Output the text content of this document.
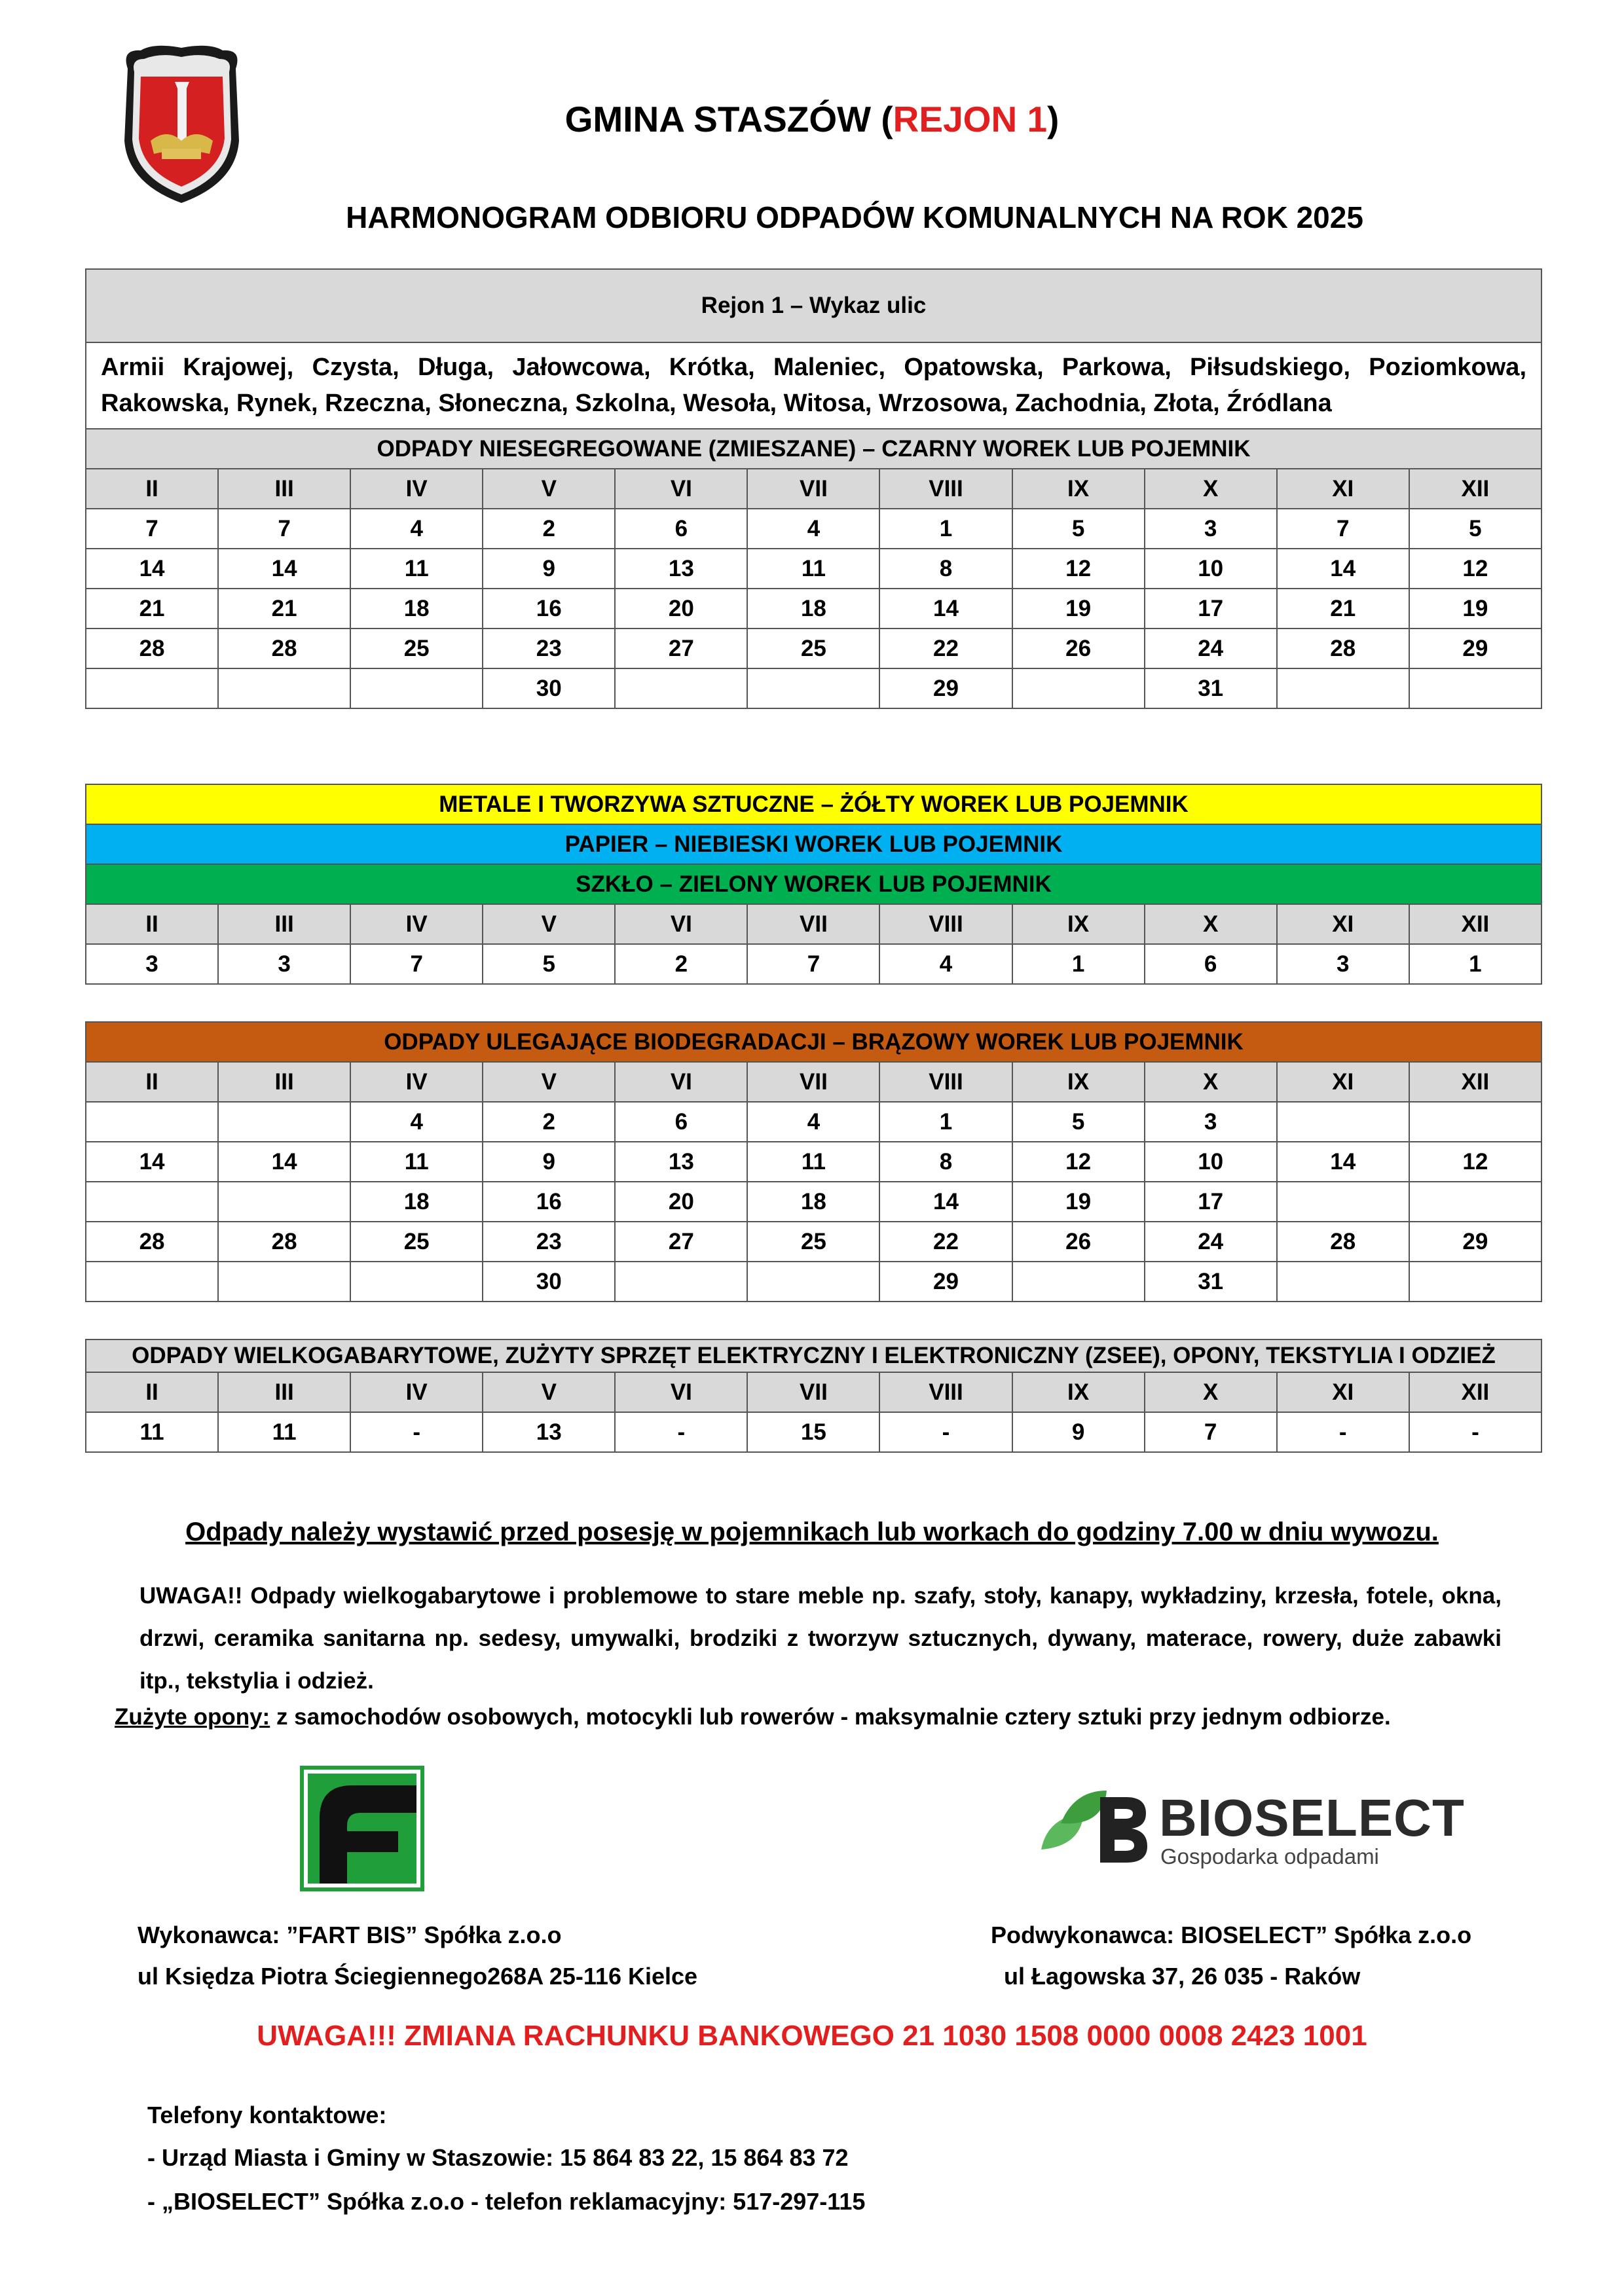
GMINA STASZÓW (REJON 1)
HARMONOGRAM ODBIORU ODPADÓW KOMUNALNYCH NA ROK 2025
Rejon 1 – Wykaz ulic										
Armii Krajowej, Czysta, Długa, Jałowcowa, Krótka, Maleniec, Opatowska, Parkowa, Piłsudskiego, Poziomkowa, Rakowska, Rynek, Rzeczna, Słoneczna, Szkolna, Wesoła, Witosa, Wrzosowa, Zachodnia, Złota, Źródlana										
ODPADY NIESEGREGOWANE (ZMIESZANE) – CZARNY WOREK LUB POJEMNIK										
II	III	IV	V	VI	VII	VIII	IX	X	XI	XII
7	7	4	2	6	4	1	5	3	7	5
14	14	11	9	13	11	8	12	10	14	12
21	21	18	16	20	18	14	19	17	21	19
28	28	25	23	27	25	22	26	24	28	29
			30			29		31		
METALE I TWORZYWA SZTUCZNE – ŻÓŁTY WOREK LUB POJEMNIK										
PAPIER – NIEBIESKI WOREK LUB POJEMNIK										
SZKŁO – ZIELONY WOREK LUB POJEMNIK										
II	III	IV	V	VI	VII	VIII	IX	X	XI	XII
3	3	7	5	2	7	4	1	6	3	1
ODPADY ULEGAJĄCE BIODEGRADACJI – BRĄZOWY WOREK LUB POJEMNIK										
II	III	IV	V	VI	VII	VIII	IX	X	XI	XII
		4	2	6	4	1	5	3		
14	14	11	9	13	11	8	12	10	14	12
		18	16	20	18	14	19	17		
28	28	25	23	27	25	22	26	24	28	29
			30			29		31		
ODPADY WIELKOGABARYTOWE, ZUŻYTY SPRZĘT ELEKTRYCZNY I ELEKTRONICZNY (ZSEE), OPONY, TEKSTYLIA I ODZIEŻ										
II	III	IV	V	VI	VII	VIII	IX	X	XI	XII
11	11	-	13	-	15	-	9	7	-	-
Odpady należy wystawić przed posesję w pojemnikach lub workach do godziny 7.00 w dniu wywozu.
UWAGA!! Odpady wielkogabarytowe i problemowe to stare meble np. szafy, stoły, kanapy, wykładziny, krzesła, fotele, okna, drzwi, ceramika sanitarna np. sedesy, umywalki, brodziki z tworzyw sztucznych, dywany, materace, rowery, duże zabawki itp., tekstylia i odzież.
Zużyte opony: z samochodów osobowych, motocykli lub rowerów - maksymalnie cztery sztuki przy jednym odbiorze.
BIOSELECT
Gospodarka odpadami
Wykonawca: ”FART BIS” Spółka z.o.o
ul Księdza Piotra Ściegiennego268A 25-116 Kielce
Podwykonawca: BIOSELECT” Spółka z.o.o
ul Łagowska 37, 26 035 - Raków
UWAGA!!! ZMIANA RACHUNKU BANKOWEGO 21 1030 1508 0000 0008 2423 1001
Telefony kontaktowe:
- Urząd Miasta i Gminy w Staszowie: 15 864 83 22, 15 864 83 72
- „BIOSELECT” Spółka z.o.o - telefon reklamacyjny: 517-297-115
